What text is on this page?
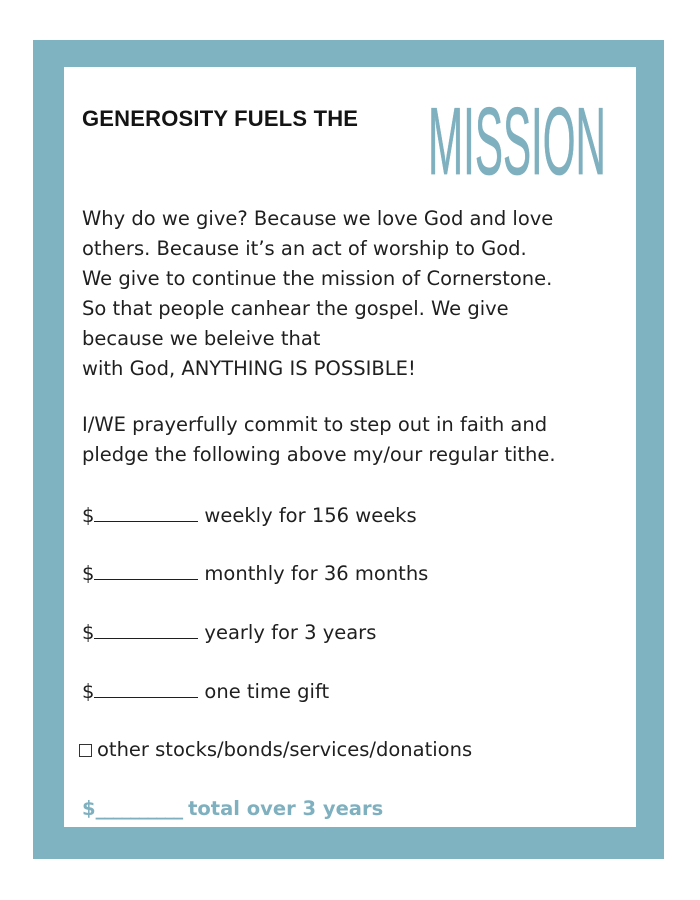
GENEROSITY FUELS THE MISSION
Why do we give? Because we love God and love
others. Because it’s an act of worship to God.
We give to continue the mission of Cornerstone.
So that people canhear the gospel. We give
because we beleive that
with God, ANYTHING IS POSSIBLE!
I/WE prayerfully commit to step out in faith and
pledge the following above my/our regular tithe.
$	weekly for 156 weeks
$	monthly for 36 months
$	yearly for 3 years
$	one time gift
other stocks/bonds/services/donations
$__________ total over 3 years
